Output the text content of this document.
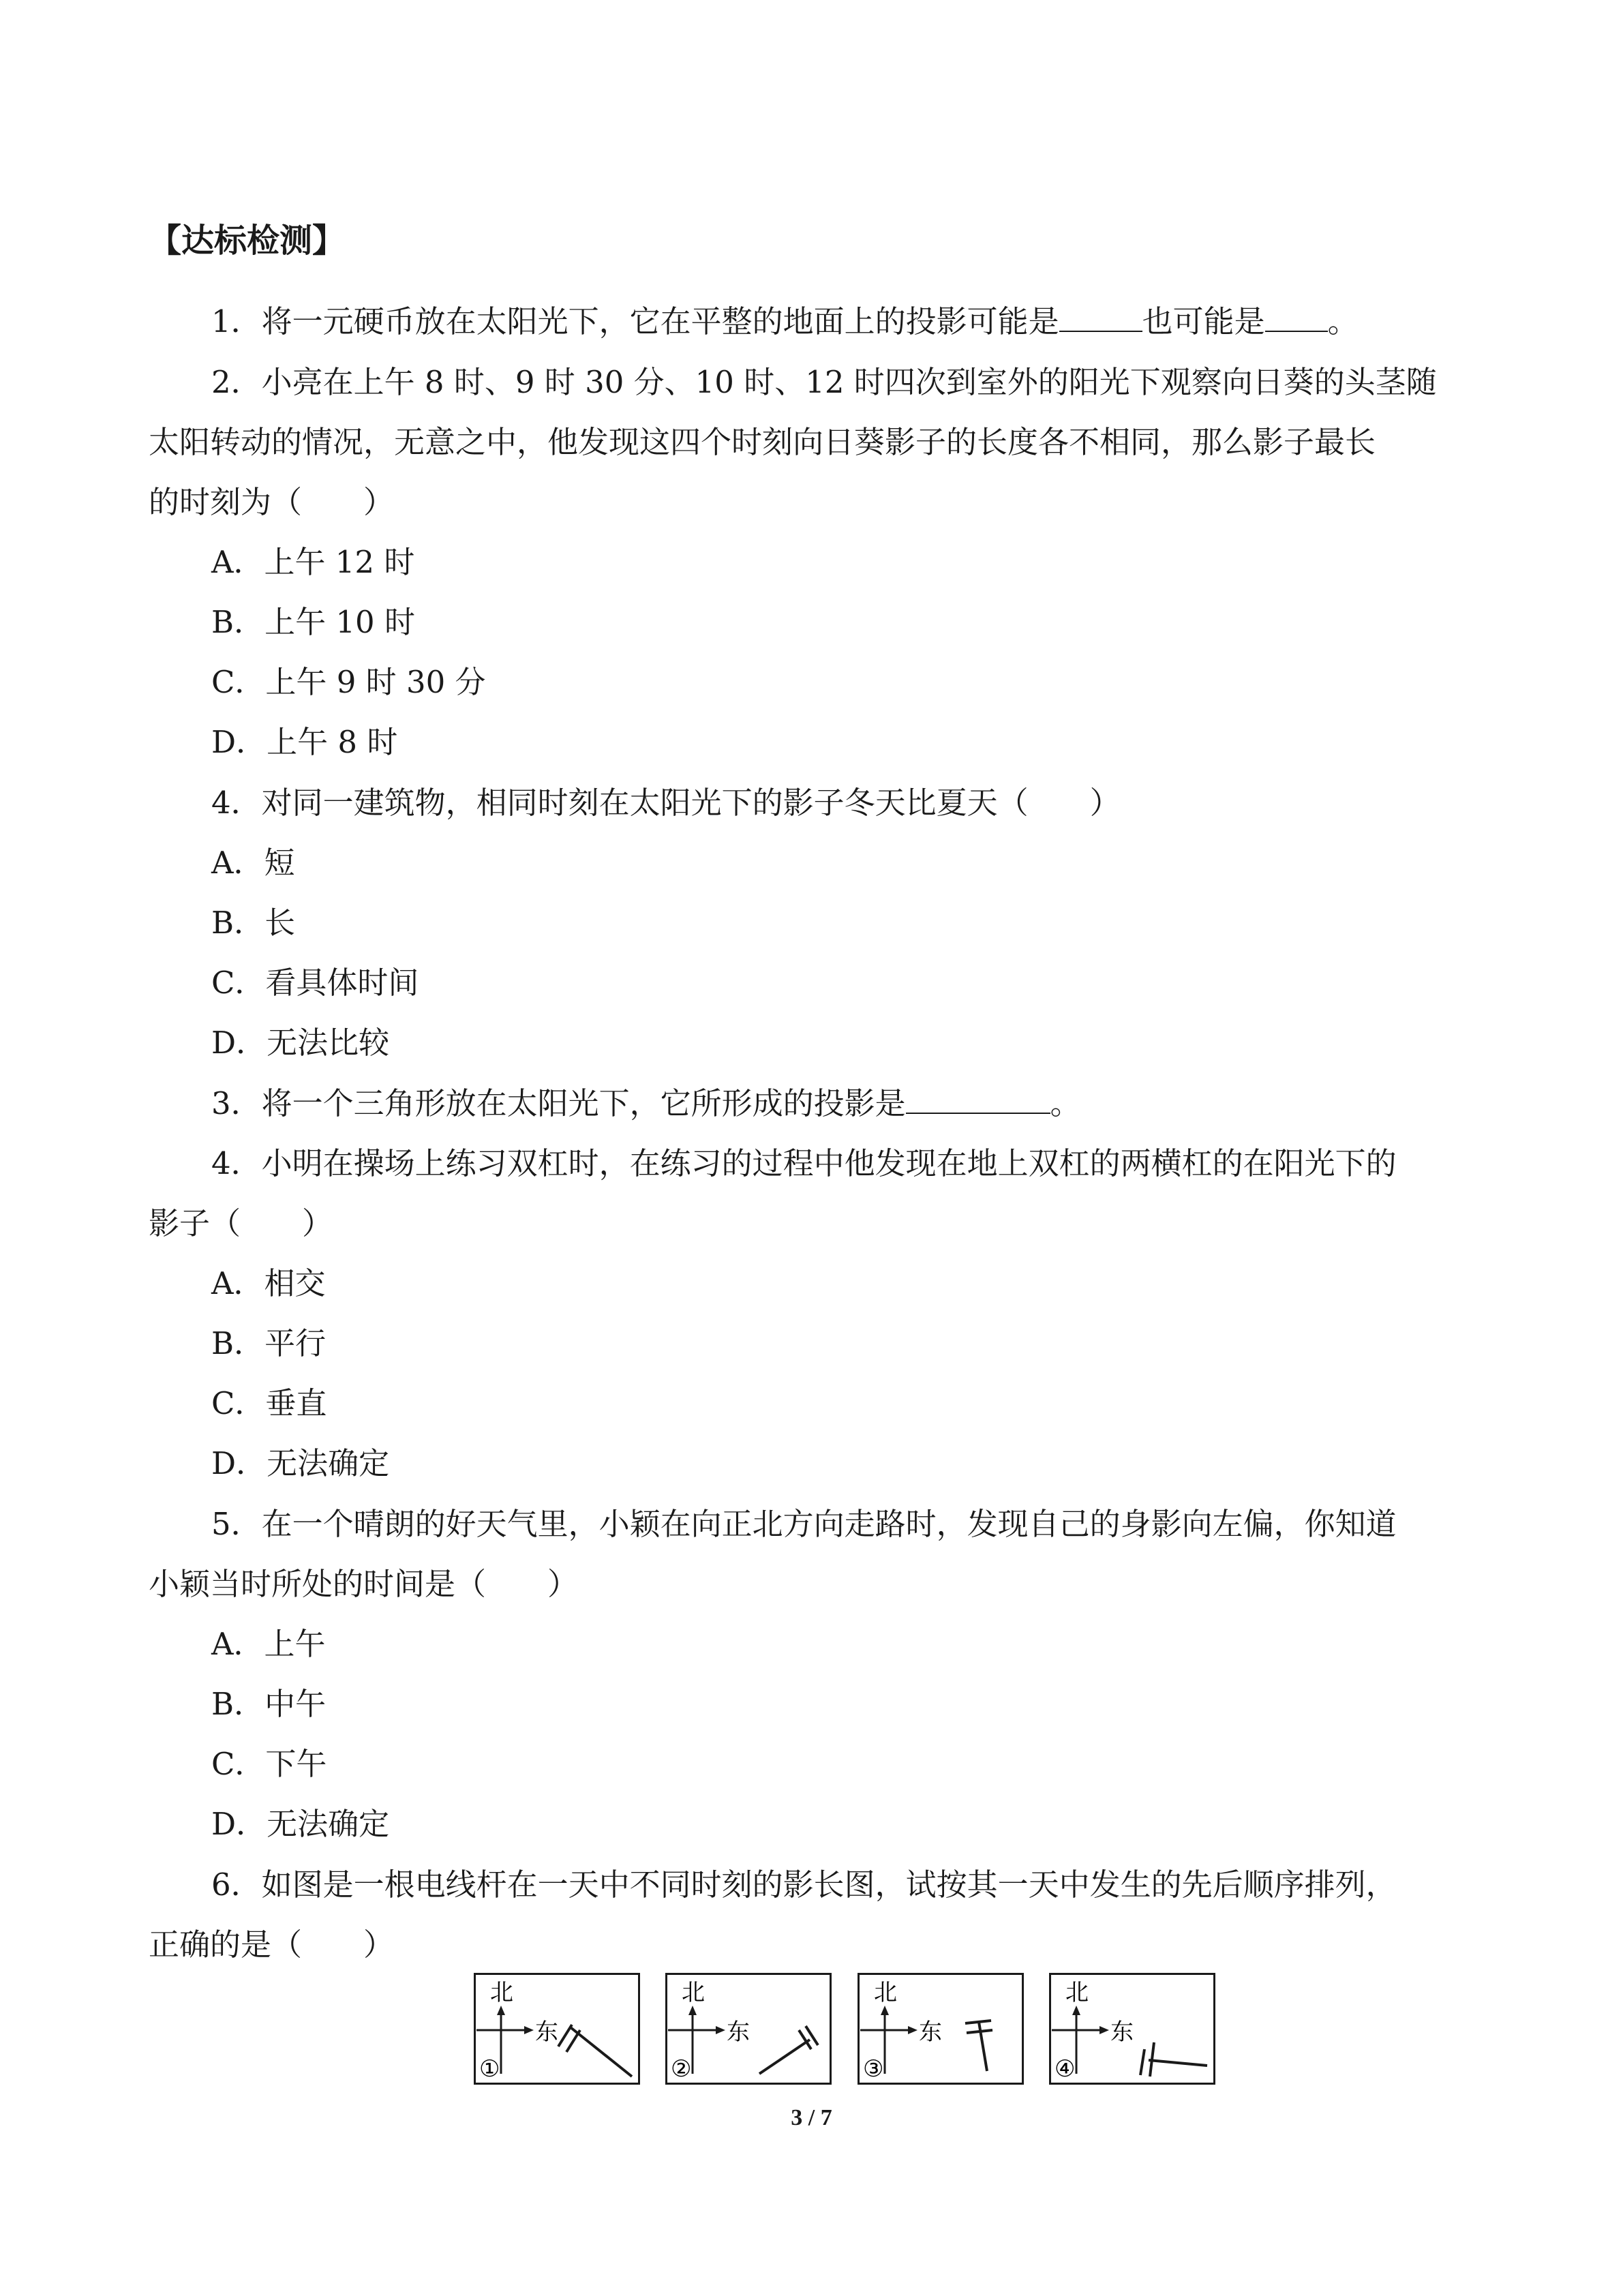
【达标检测】
1．将一元硬币放在太阳光下，它在平整的地面上的投影可能是	也可能是 。
2．小亮在上午 8 时、9 时 30 分、10 时、12 时四次到室外的阳光下观察向日葵的头茎随
太阳转动的情况，无意之中，他发现这四个时刻向日葵影子的长度各不相同，那么影子最长
的时刻为（　　）
A．上午 12 时
B．上午 10 时
C．上午 9 时 30 分
D．上午 8 时
4．对同一建筑物，相同时刻在太阳光下的影子冬天比夏天（　　）
A．短
B．长
C．看具体时间
D．无法比较
3．将一个三角形放在太阳光下，它所形成的投影是	。
4．小明在操场上练习双杠时，在练习的过程中他发现在地上双杠的两横杠的在阳光下的
影子（　　）
A．相交
B．平行
C．垂直
D．无法确定
5．在一个晴朗的好天气里，小颖在向正北方向走路时，发现自己的身影向左偏，你知道
小颖当时所处的时间是（　　）
A．上午
B．中午
C．下午
D．无法确定
6．如图是一根电线杆在一天中不同时刻的影长图，试按其一天中发生的先后顺序排列，
正确的是（　　）
北
东
①
北
东
②
北
东
③
北
东
④
3 / 7
